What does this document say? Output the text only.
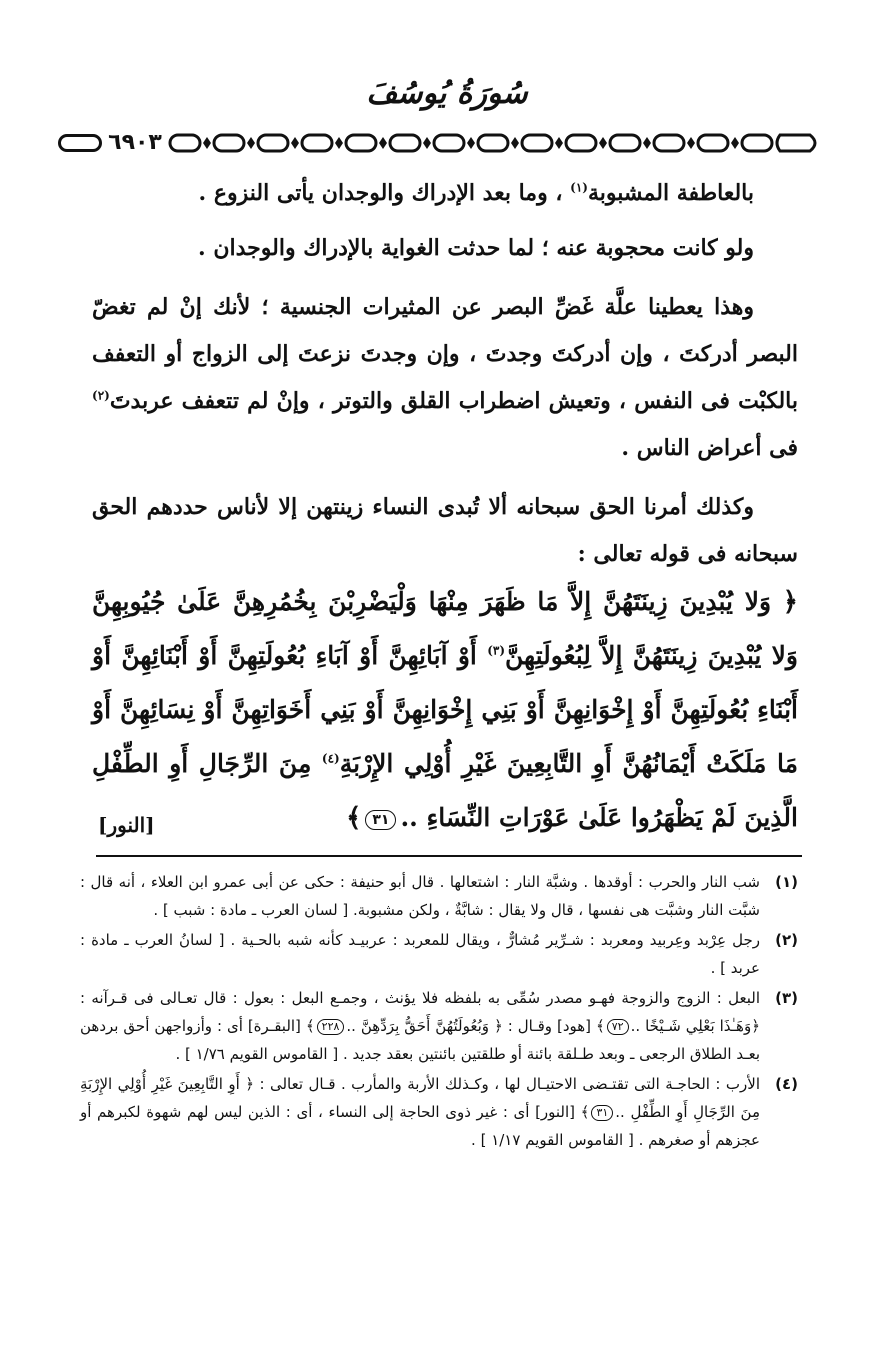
سُورَةُ يُوسُفَ
٦٩٠٣

بالعاطفة المشبوبة$^{(١)}$ ، وما بعد الإدراك والوجدان يأتى النزوع .

ولو كانت محجوبة عنه ؛ لما حدثت الغواية بالإدراك والوجدان .

وهذا يعطينا علَّة غَضِّ البصر عن المثيرات الجنسية ؛ لأنك إنْ لم تغضّ البصر أدركتَ ، وإن أدركتَ وجدتَ ، وإن وجدتَ نزعتَ إلى الزواج أو التعفف بالكبْت فى النفس ، وتعيش اضطراب القلق والتوتر ، وإنْ لم تتعفف عربدتَ$^{(٢)}$ فى أعراض الناس .

وكذلك أمرنا الحق سبحانه ألا تُبدى النساء زينتهن إلا لأناس حددهم الحق سبحانه فى قوله تعالى :

﴿ وَلا يُبْدِينَ زِينَتَهُنَّ إِلاَّ مَا ظَهَرَ مِنْهَا وَلْيَضْرِبْنَ بِخُمُرِهِنَّ عَلَىٰ جُيُوبِهِنَّ وَلا يُبْدِينَ زِينَتَهُنَّ إِلاَّ لِبُعُولَتِهِنَّ$^{(٣)}$ أَوْ آبَائِهِنَّ أَوْ آبَاءِ بُعُولَتِهِنَّ أَوْ أَبْنَائِهِنَّ أَوْ أَبْنَاءِ بُعُولَتِهِنَّ أَوْ إِخْوَانِهِنَّ أَوْ بَنِي إِخْوَانِهِنَّ أَوْ بَنِي أَخَوَاتِهِنَّ أَوْ نِسَائِهِنَّ أَوْ مَا مَلَكَتْ أَيْمَانُهُنَّ أَوِ التَّابِعِينَ غَيْرِ أُوْلِي الإِرْبَةِ$^{(٤)}$ مِنَ الرِّجَالِ أَوِ الطِّفْلِ الَّذِينَ لَمْ يَظْهَرُوا عَلَىٰ عَوْرَاتِ النِّسَاءِ ..٣١﴾
[النور]
(١)
شب النار والحرب : أوقدها . وشبَّة النار : اشتعالها . قال أبو حنيفة : حكى عن أبى عمرو ابن العلاء ، أنه قال : شبَّت النار وشبَّت هى نفسها ، قال ولا يقال : شابَّةٌ ، ولكن مشبوبة. [ لسان العرب ـ مادة : شبب ] .
(٢)
رجل عِرْبد وعِربيد ومعربد : شـرِّير مُشارٌّ ، ويقال للمعربد : عربيـد كأنه شبه بالحـية . [ لسانُ العرب ـ مادة : عربد ] .
(٣)
البعل : الزوج والزوجة فهـو مصدر سُمِّى به بلفظه فلا يؤنث ، وجمـع البعل : بعول : قال تعـالى فى قـرآنه : ﴿وَهَـٰذَا بَعْلِي شَـيْخًا ..٧٢﴾ [هود] وقـال : ﴿ وَبُعُولَتُهُنَّ أَحَقُّ بِرَدِّهِنَّ ..٢٢٨﴾ [البقـرة] أى : وأزواجهن أحق بردهن بعـد الطلاق الرجعى ـ وبعد طـلقة بائنة أو طلقتين بائنتين بعقد جديد . [ القاموس القويم ١/٧٦ ] .
(٤)
الأرب : الحاجـة التى تقتـضى الاحتيـال لها ، وكـذلك الأربة والمأرب . قـال تعالى : ﴿ أَوِ التَّابِعِينَ غَيْرِ أُوْلِي الإِرْبَةِ مِنَ الرِّجَالِ أَوِ الطِّفْلِ ..٣١﴾ [النور] أى : غير ذوى الحاجة إلى النساء ، أى : الذين ليس لهم شهوة لكبرهم أو عجزهم أو صغرهم . [ القاموس القويم ١/١٧ ] .
